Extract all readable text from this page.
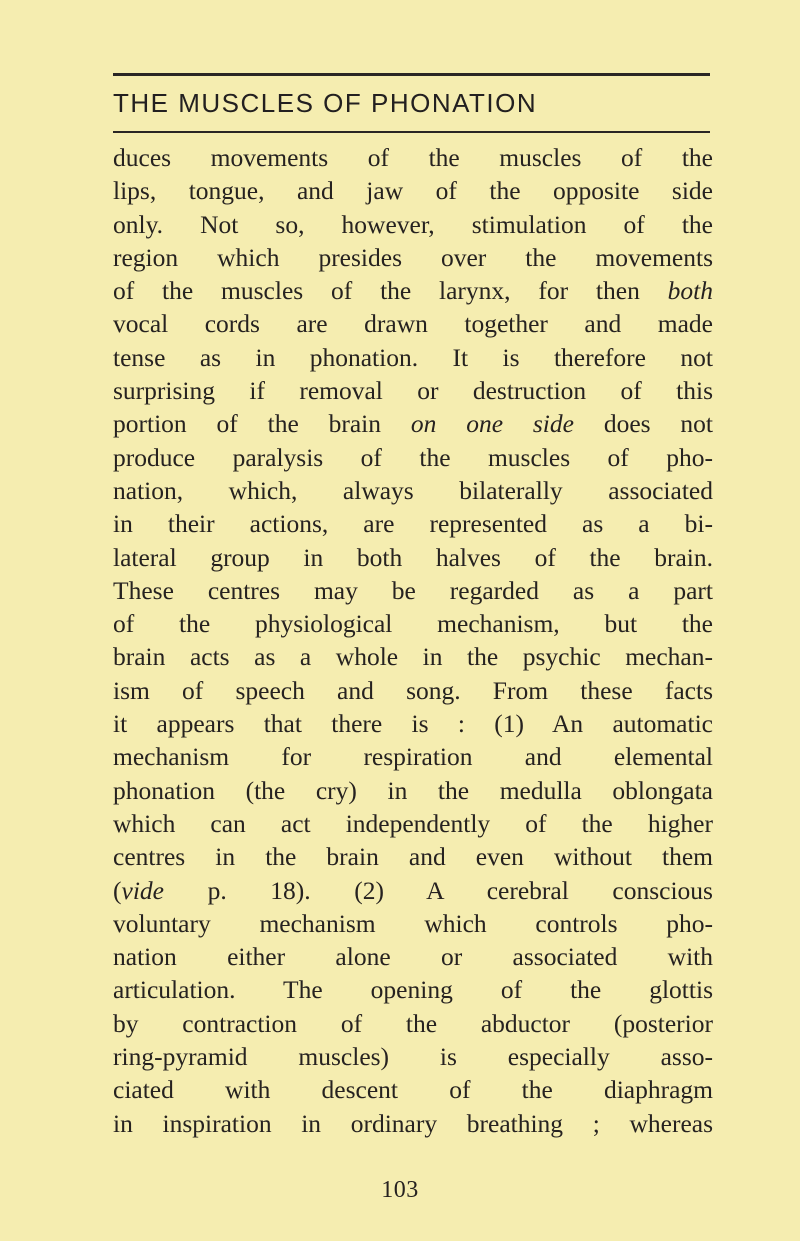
THE MUSCLES OF PHONATION
duces movements of the muscles of the
lips, tongue, and jaw of the opposite side
only. Not so, however, stimulation of the
region which presides over the movements
of the muscles of the larynx, for then both
vocal cords are drawn together and made
tense as in phonation. It is therefore not
surprising if removal or destruction of this
portion of the brain on one side does not
produce paralysis of the muscles of pho-
nation, which, always bilaterally associated
in their actions, are represented as a bi-
lateral group in both halves of the brain.
These centres may be regarded as a part
of the physiological mechanism, but the
brain acts as a whole in the psychic mechan-
ism of speech and song. From these facts
it appears that there is : (1) An automatic
mechanism for respiration and elemental
phonation (the cry) in the medulla oblongata
which can act independently of the higher
centres in the brain and even without them
(vide p. 18). (2) A cerebral conscious
voluntary mechanism which controls pho-
nation either alone or associated with
articulation. The opening of the glottis
by contraction of the abductor (posterior
ring-pyramid muscles) is especially asso-
ciated with descent of the diaphragm
in inspiration in ordinary breathing ; whereas
103
